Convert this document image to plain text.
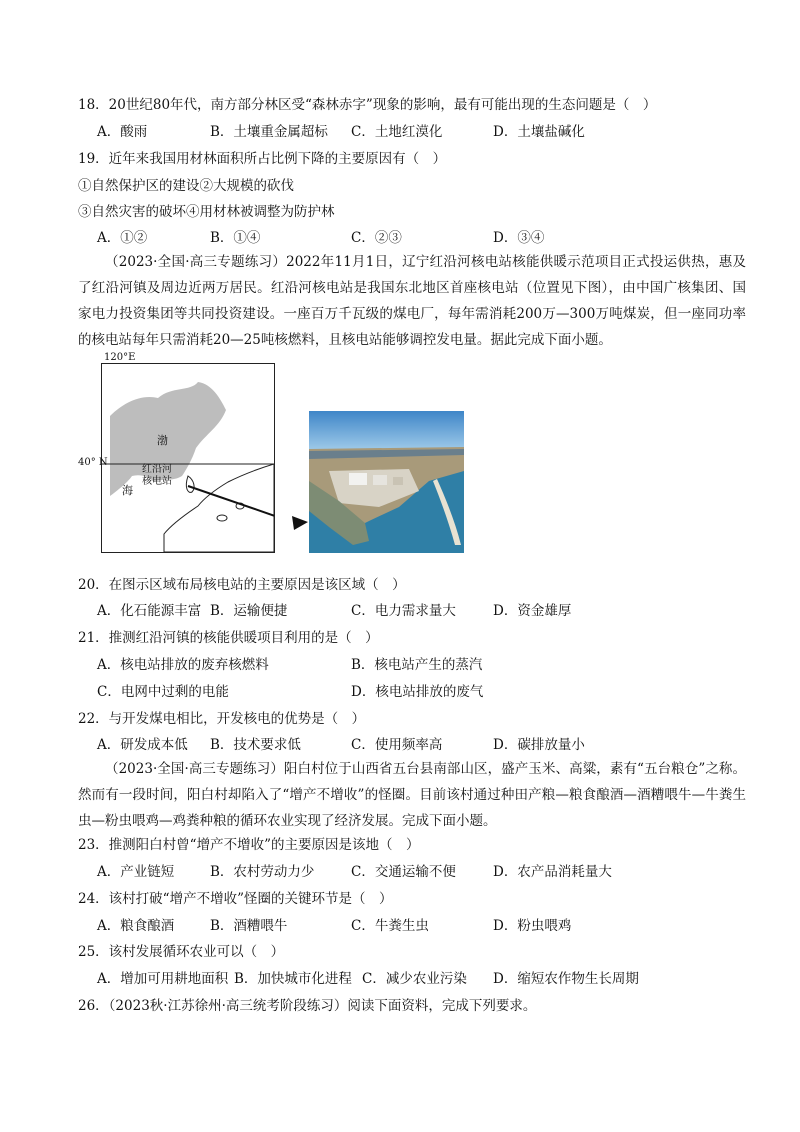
18．20世纪80年代，南方部分林区受“森林赤字”现象的影响，最有可能出现的生态问题是（　）
A．酸雨	B．土壤重金属超标 C．土地红漠化	D．土壤盐碱化
19．近年来我国用材林面积所占比例下降的主要原因有（　）
①自然保护区的建设②大规模的砍伐
③自然灾害的破坏④用材林被调整为防护林
A．①②	B．①④	C．②③	D．③④
（2023·全国·高三专题练习）2022年11月1日，辽宁红沿河核电站核能供暖示范项目正式投运供热，惠及了红沿河镇及周边近两万居民。红沿河核电站是我国东北地区首座核电站（位置见下图），由中国广核集团、国家电力投资集团等共同投资建设。一座百万千瓦级的煤电厂，每年需消耗200万—300万吨煤炭，但一座同功率的核电站每年只需消耗20—25吨核燃料，且核电站能够调控发电量。据此完成下面小题。
120°E
渤
海
红沿河
核电站
40° N
20．在图示区域布局核电站的主要原因是该区域（　）
A．化石能源丰富 B．运输便捷	C．电力需求量大	D．资金雄厚
21．推测红沿河镇的核能供暖项目利用的是（　）
A．核电站排放的废弃核燃料	B．核电站产生的蒸汽
C．电网中过剩的电能	D．核电站排放的废气
22．与开发煤电相比，开发核电的优势是（　）
A．研发成本低 B．技术要求低	C．使用频率高	D．碳排放量小
（2023·全国·高三专题练习）阳白村位于山西省五台县南部山区，盛产玉米、高粱，素有“五台粮仓”之称。然而有一段时间，阳白村却陷入了“增产不增收”的怪圈。目前该村通过种田产粮—粮食酿酒—酒糟喂牛—牛粪生虫—粉虫喂鸡—鸡粪种粮的循环农业实现了经济发展。完成下面小题。
23．推测阳白村曾“增产不增收”的主要原因是该地（　）
A．产业链短	B．农村劳动力少	C．交通运输不便	D．农产品消耗量大
24．该村打破“增产不增收”怪圈的关键环节是（　）
A．粮食酿酒	B．酒糟喂牛	C．牛粪生虫	D．粉虫喂鸡
25．该村发展循环农业可以（　）
A．增加可用耕地面积 B．加快城市化进程 C．减少农业污染 D．缩短农作物生长周期
26．（2023秋·江苏徐州·高三统考阶段练习）阅读下面资料，完成下列要求。
